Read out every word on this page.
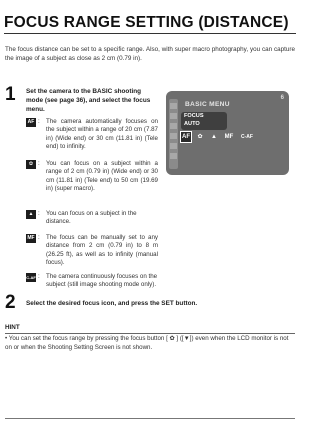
FOCUS RANGE SETTING (DISTANCE)
The focus distance can be set to a specific range. Also, with super macro photography, you can capture the image of a subject as close as 2 cm (0.79 in).
1 Set the camera to the BASIC shooting mode (see page 36), and select the focus menu.
AF : The camera automatically focuses on the subject within a range of 20 cm (7.87 in) (Wide end) or 30 cm (11.81 in) (Tele end) to infinity.
✿ : You can focus on a subject within a range of 2 cm (0.79 in) (Wide end) or 30 cm (11.81 in) (Tele end) to 50 cm (19.69 in) (super macro).
▲ : You can focus on a subject in the distance.
MF : The focus can be manually set to any distance from 2 cm (0.79 in) to 8 m (26.25 ft), as well as to infinity (manual focus).
C-AF : The camera continuously focuses on the subject (still image shooting mode only).
6
BASIC MENU
FOCUS
AUTO
AF	✿	▲	MF	C-AF
2 Select the desired focus icon, and press the SET button.
HINT
• You can set the focus range by pressing the focus button [ ✿ ] ([▼]) even when the LCD monitor is not on or when the Shooting Setting Screen is not shown.
